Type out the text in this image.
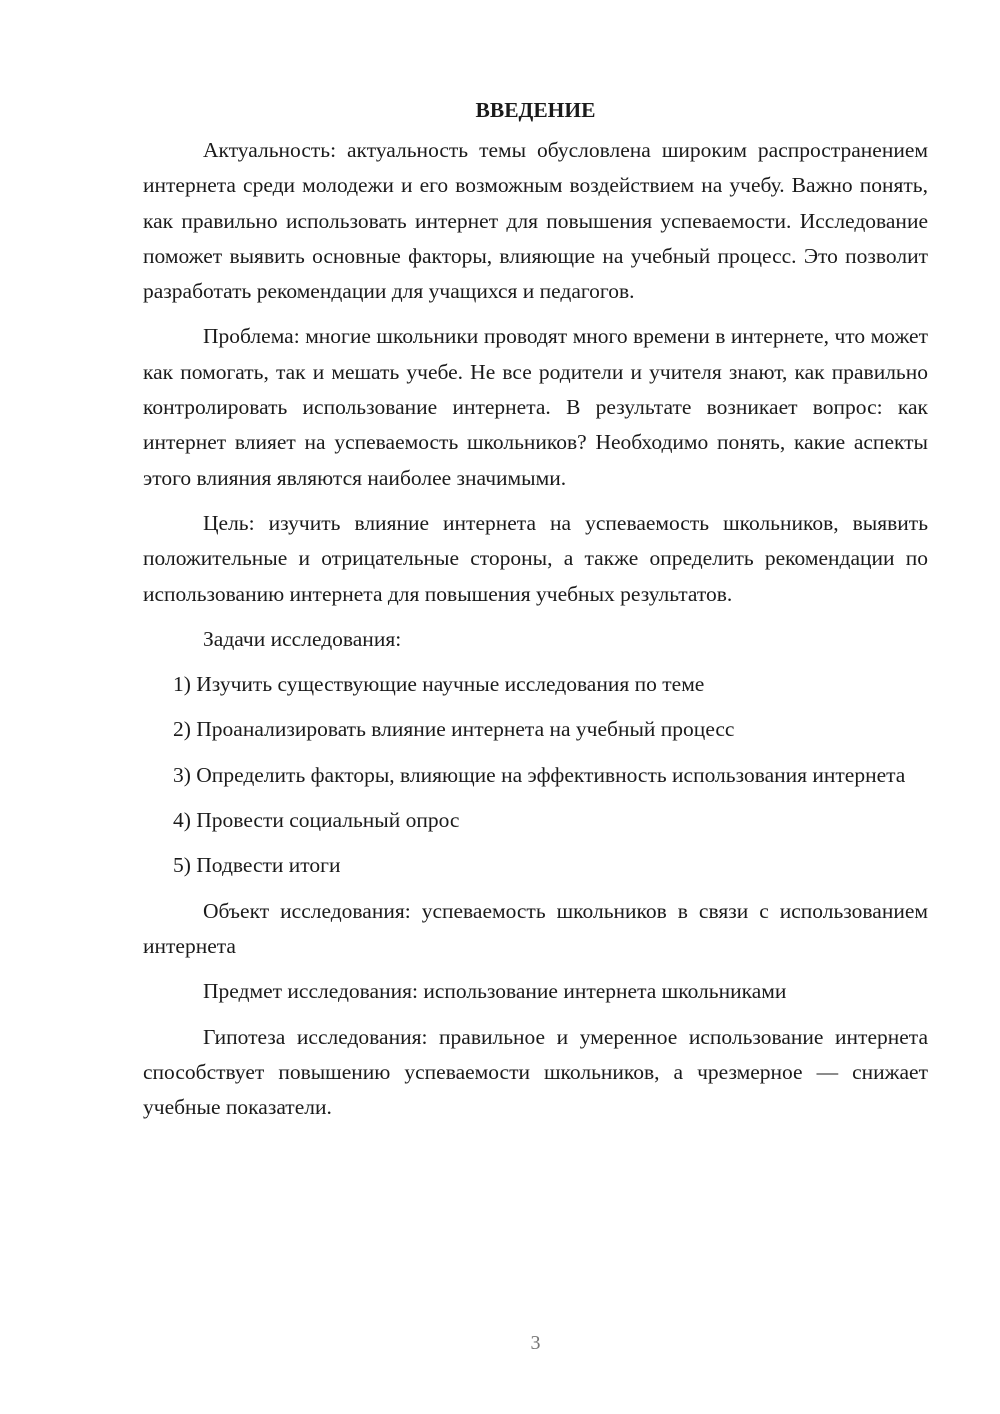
ВВЕДЕНИЕ

Актуальность: актуальность темы обусловлена широким распространением интернета среди молодежи и его возможным воздействием на учебу. Важно понять, как правильно использовать интернет для повышения успеваемости. Исследование поможет выявить основные факторы, влияющие на учебный процесс. Это позволит разработать рекомендации для учащихся и педагогов.

Проблема: многие школьники проводят много времени в интернете, что может как помогать, так и мешать учебе. Не все родители и учителя знают, как правильно контролировать использование интернета. В результате возникает вопрос: как интернет влияет на успеваемость школьников? Необходимо понять, какие аспекты этого влияния являются наиболее значимыми.

Цель: изучить влияние интернета на успеваемость школьников, выявить положительные и отрицательные стороны, а также определить рекомендации по использованию интернета для повышения учебных результатов.

Задачи исследования:

1) Изучить существующие научные исследования по теме

2) Проанализировать влияние интернета на учебный процесс

3) Определить факторы, влияющие на эффективность использования интернета

4) Провести социальный опрос

5) Подвести итоги

Объект исследования: успеваемость школьников в связи с использованием интернета

Предмет исследования: использование интернета школьниками

Гипотеза исследования: правильное и умеренное использование интернета способствует повышению успеваемости школьников, а чрезмерное — снижает учебные показатели.

3
